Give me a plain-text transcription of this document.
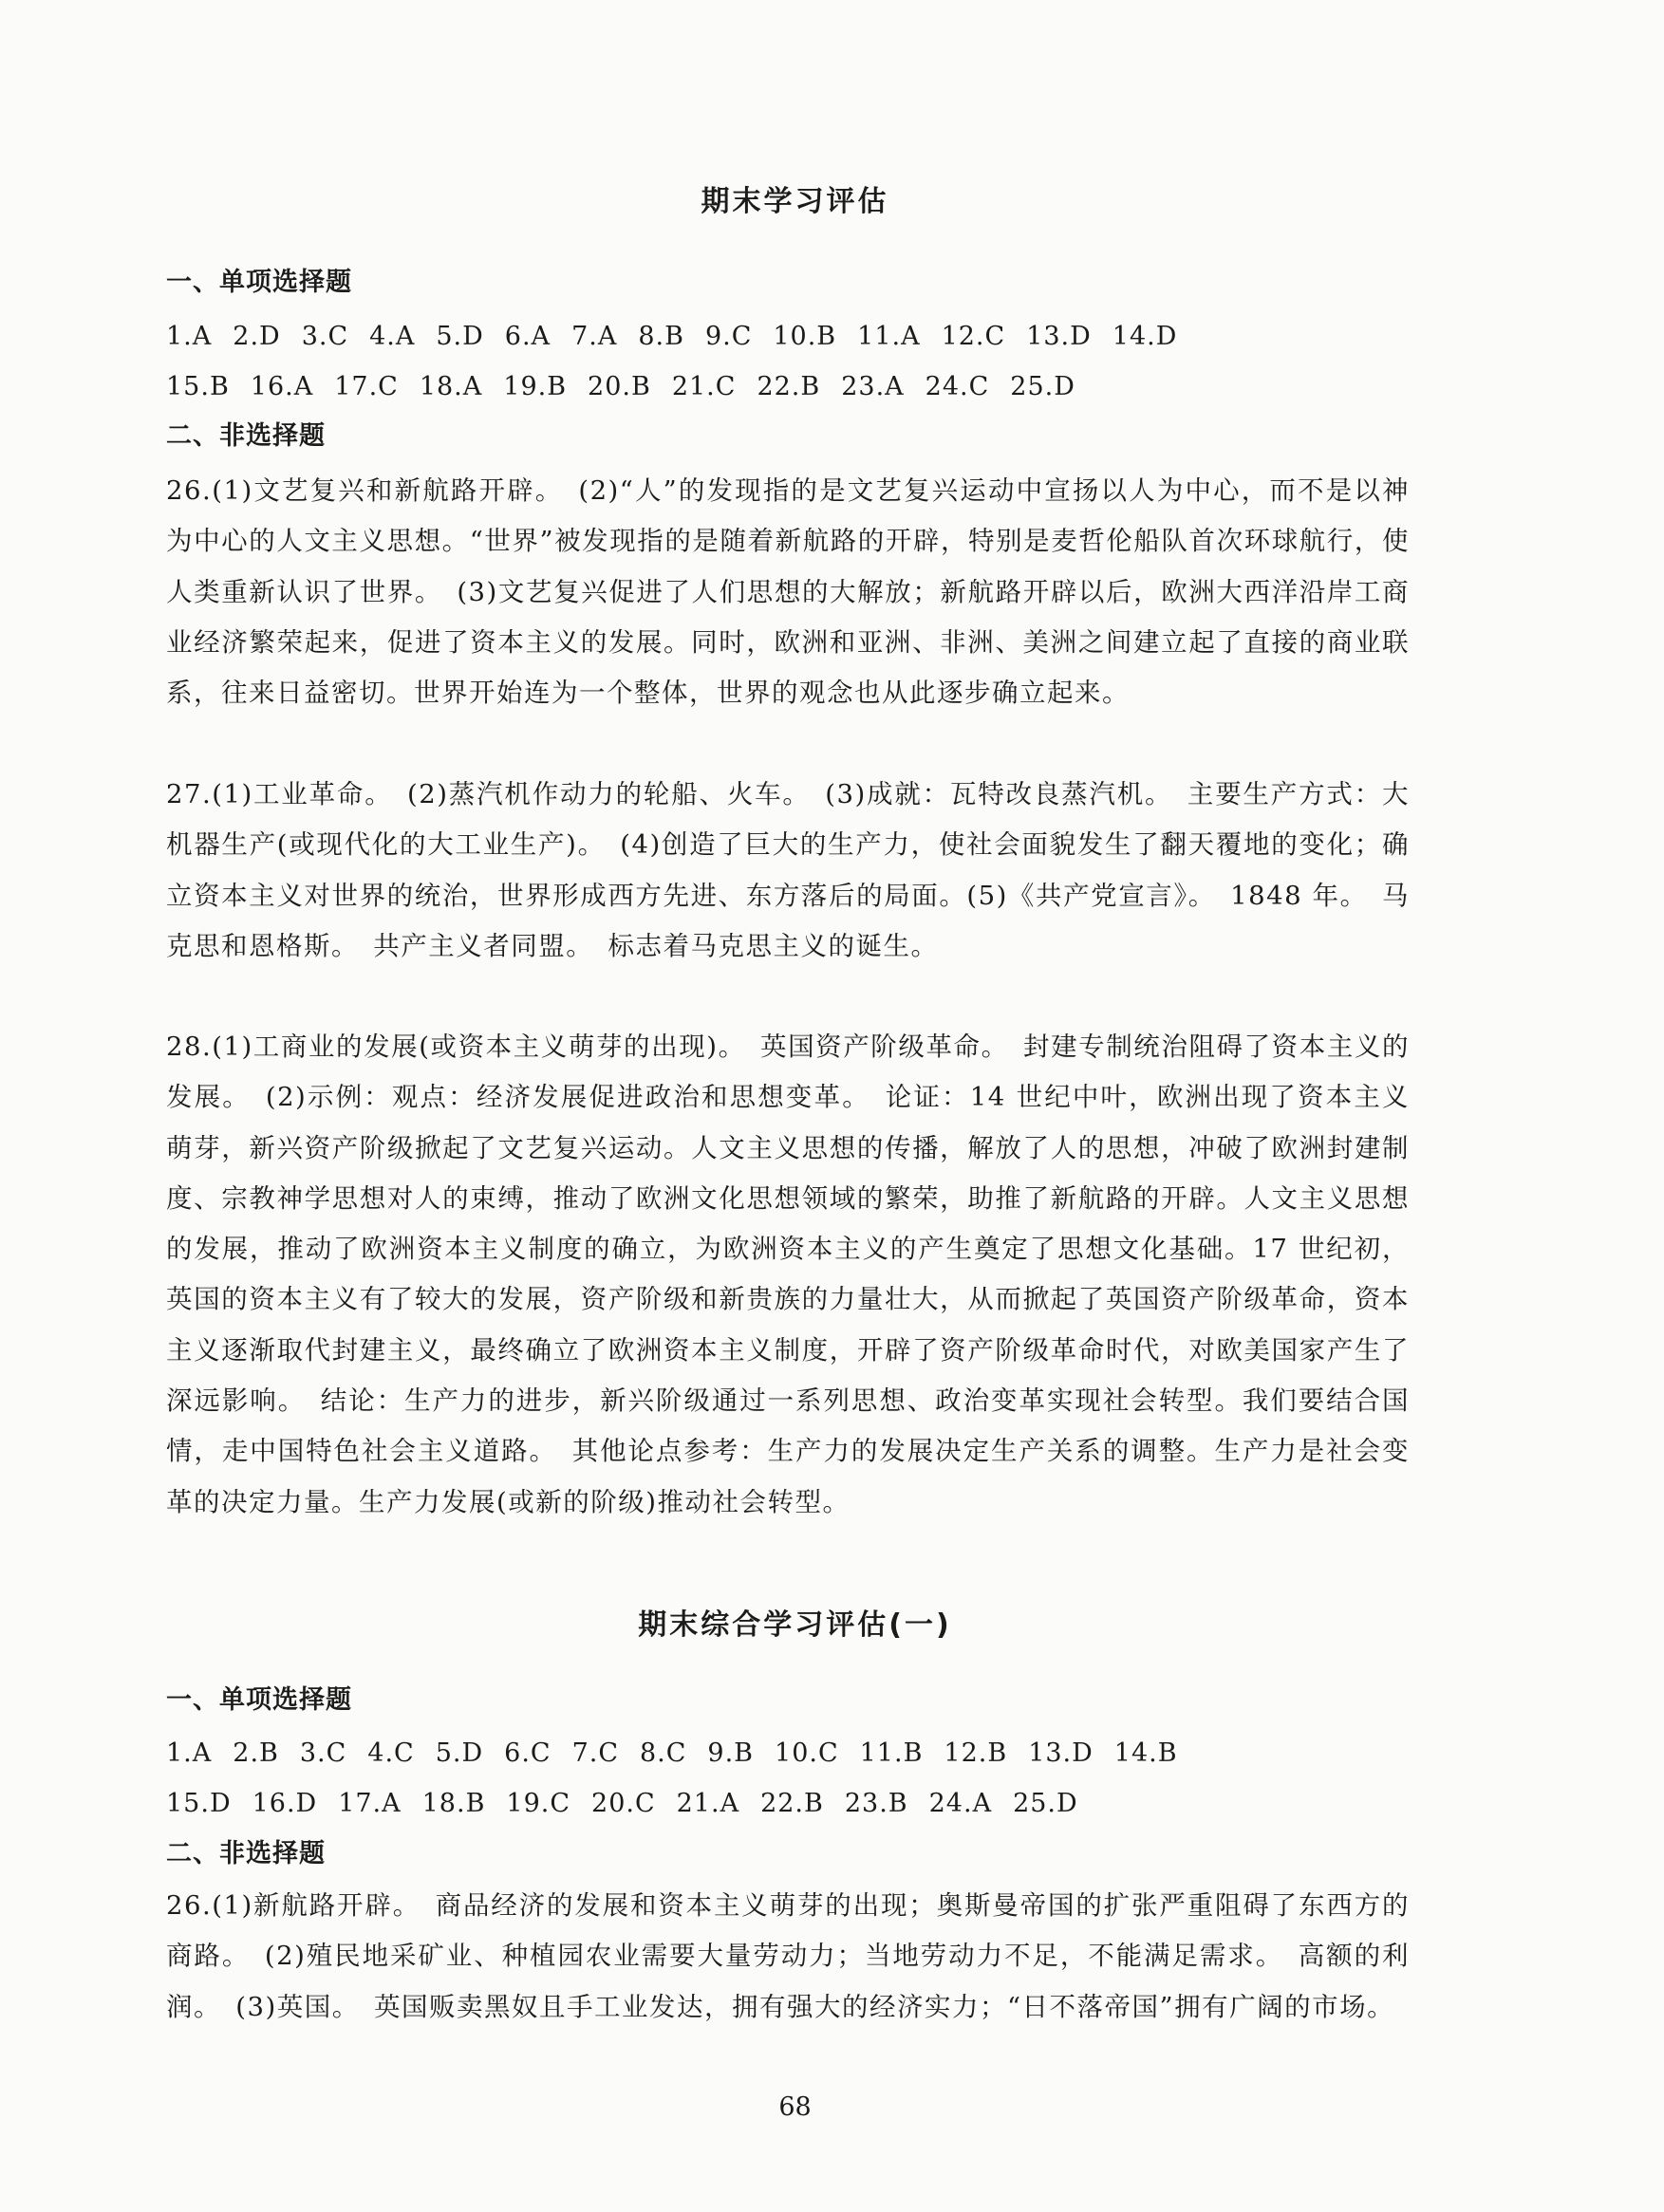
期末学习评估
一、单项选择题
1.A 2.D 3.C 4.A 5.D 6.A 7.A 8.B 9.C 10.B 11.A 12.C 13.D 14.D
15.B 16.A 17.C 18.A 19.B 20.B 21.C 22.B 23.A 24.C 25.D
二、非选择题
26.(1)文艺复兴和新航路开辟。　(2)“人”的发现指的是文艺复兴运动中宣扬以人为中心，而不是以神为中心的人文主义思想。“世界”被发现指的是随着新航路的开辟，特别是麦哲伦船队首次环球航行，使人类重新认识了世界。　(3)文艺复兴促进了人们思想的大解放；新航路开辟以后，欧洲大西洋沿岸工商业经济繁荣起来，促进了资本主义的发展。同时，欧洲和亚洲、非洲、美洲之间建立起了直接的商业联系，往来日益密切。世界开始连为一个整体，世界的观念也从此逐步确立起来。
27.(1)工业革命。　(2)蒸汽机作动力的轮船、火车。　(3)成就：瓦特改良蒸汽机。　主要生产方式：大机器生产(或现代化的大工业生产)。　(4)创造了巨大的生产力，使社会面貌发生了翻天覆地的变化；确立资本主义对世界的统治，世界形成西方先进、东方落后的局面。(5)《共产党宣言》。　1848 年。　马克思和恩格斯。　共产主义者同盟。　标志着马克思主义的诞生。
28.(1)工商业的发展(或资本主义萌芽的出现)。　英国资产阶级革命。　封建专制统治阻碍了资本主义的发展。　(2)示例：观点：经济发展促进政治和思想变革。　论证：14 世纪中叶，欧洲出现了资本主义萌芽，新兴资产阶级掀起了文艺复兴运动。人文主义思想的传播，解放了人的思想，冲破了欧洲封建制度、宗教神学思想对人的束缚，推动了欧洲文化思想领域的繁荣，助推了新航路的开辟。人文主义思想的发展，推动了欧洲资本主义制度的确立，为欧洲资本主义的产生奠定了思想文化基础。17 世纪初，英国的资本主义有了较大的发展，资产阶级和新贵族的力量壮大，从而掀起了英国资产阶级革命，资本主义逐渐取代封建主义，最终确立了欧洲资本主义制度，开辟了资产阶级革命时代，对欧美国家产生了深远影响。　结论：生产力的进步，新兴阶级通过一系列思想、政治变革实现社会转型。我们要结合国情，走中国特色社会主义道路。　其他论点参考：生产力的发展决定生产关系的调整。生产力是社会变革的决定力量。生产力发展(或新的阶级)推动社会转型。
期末综合学习评估(一)
一、单项选择题
1.A 2.B 3.C 4.C 5.D 6.C 7.C 8.C 9.B 10.C 11.B 12.B 13.D 14.B
15.D 16.D 17.A 18.B 19.C 20.C 21.A 22.B 23.B 24.A 25.D
二、非选择题
26.(1)新航路开辟。　商品经济的发展和资本主义萌芽的出现；奥斯曼帝国的扩张严重阻碍了东西方的商路。　(2)殖民地采矿业、种植园农业需要大量劳动力；当地劳动力不足，不能满足需求。　高额的利润。　(3)英国。　英国贩卖黑奴且手工业发达，拥有强大的经济实力；“日不落帝国”拥有广阔的市场。
68
